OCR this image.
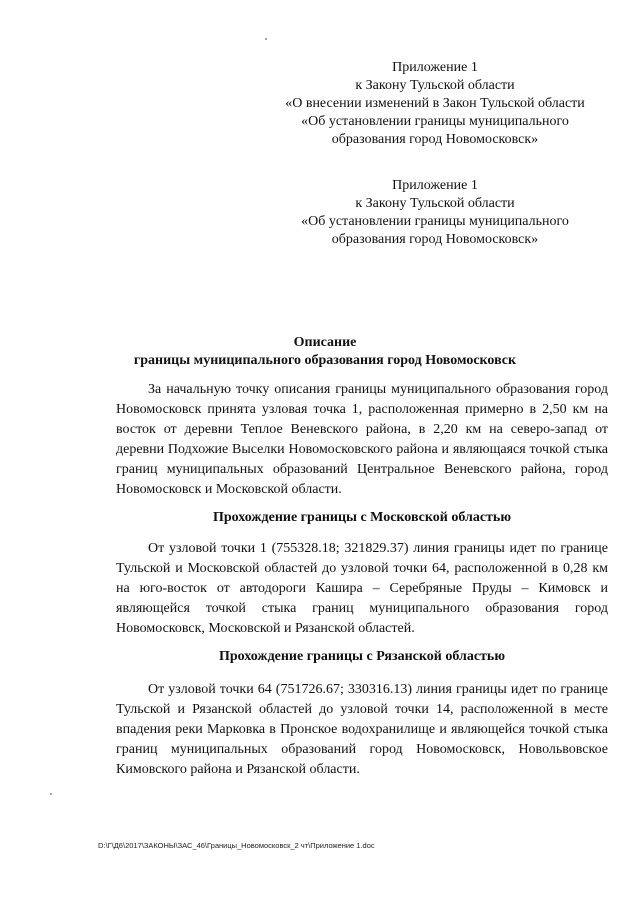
Приложение 1
к Закону Тульской области
«О внесении изменений в Закон Тульской области
«Об установлении границы муниципального
образования город Новомосковск»
Приложение 1
к Закону Тульской области
«Об установлении границы муниципального
образования город Новомосковск»
Описание
границы муниципального образования город Новомосковск

За начальную точку описания границы муниципального образования город Новомосковск принята узловая точка 1, расположенная примерно в 2,50 км на восток от деревни Теплое Веневского района, в 2,20 км на северо-запад от деревни Подхожие Выселки Новомосковского района и являющаяся точкой стыка границ муниципальных образований Центральное Веневского района, город Новомосковск и Московской области.

Прохождение границы с Московской областью

От узловой точки 1 (755328.18; 321829.37) линия границы идет по границе Тульской и Московской областей до узловой точки 64, расположенной в 0,28 км на юго-восток от автодороги Кашира – Серебряные Пруды – Кимовск и являющейся точкой стыка границ муниципального образования город Новомосковск, Московской и Рязанской областей.

Прохождение границы с Рязанской областью

От узловой точки 64 (751726.67; 330316.13) линия границы идет по границе Тульской и Рязанской областей до узловой точки 14, расположенной в месте впадения реки Марковка в Пронское водохранилище и являющейся точкой стыка границ муниципальных образований город Новомосковск, Новольвовское Кимовского района и Рязанской области.

D:\Г\Д6\2017\ЗАКОНЫ\ЗАС_46\Границы_Новомосковск_2 чт\Приложение 1.doc
